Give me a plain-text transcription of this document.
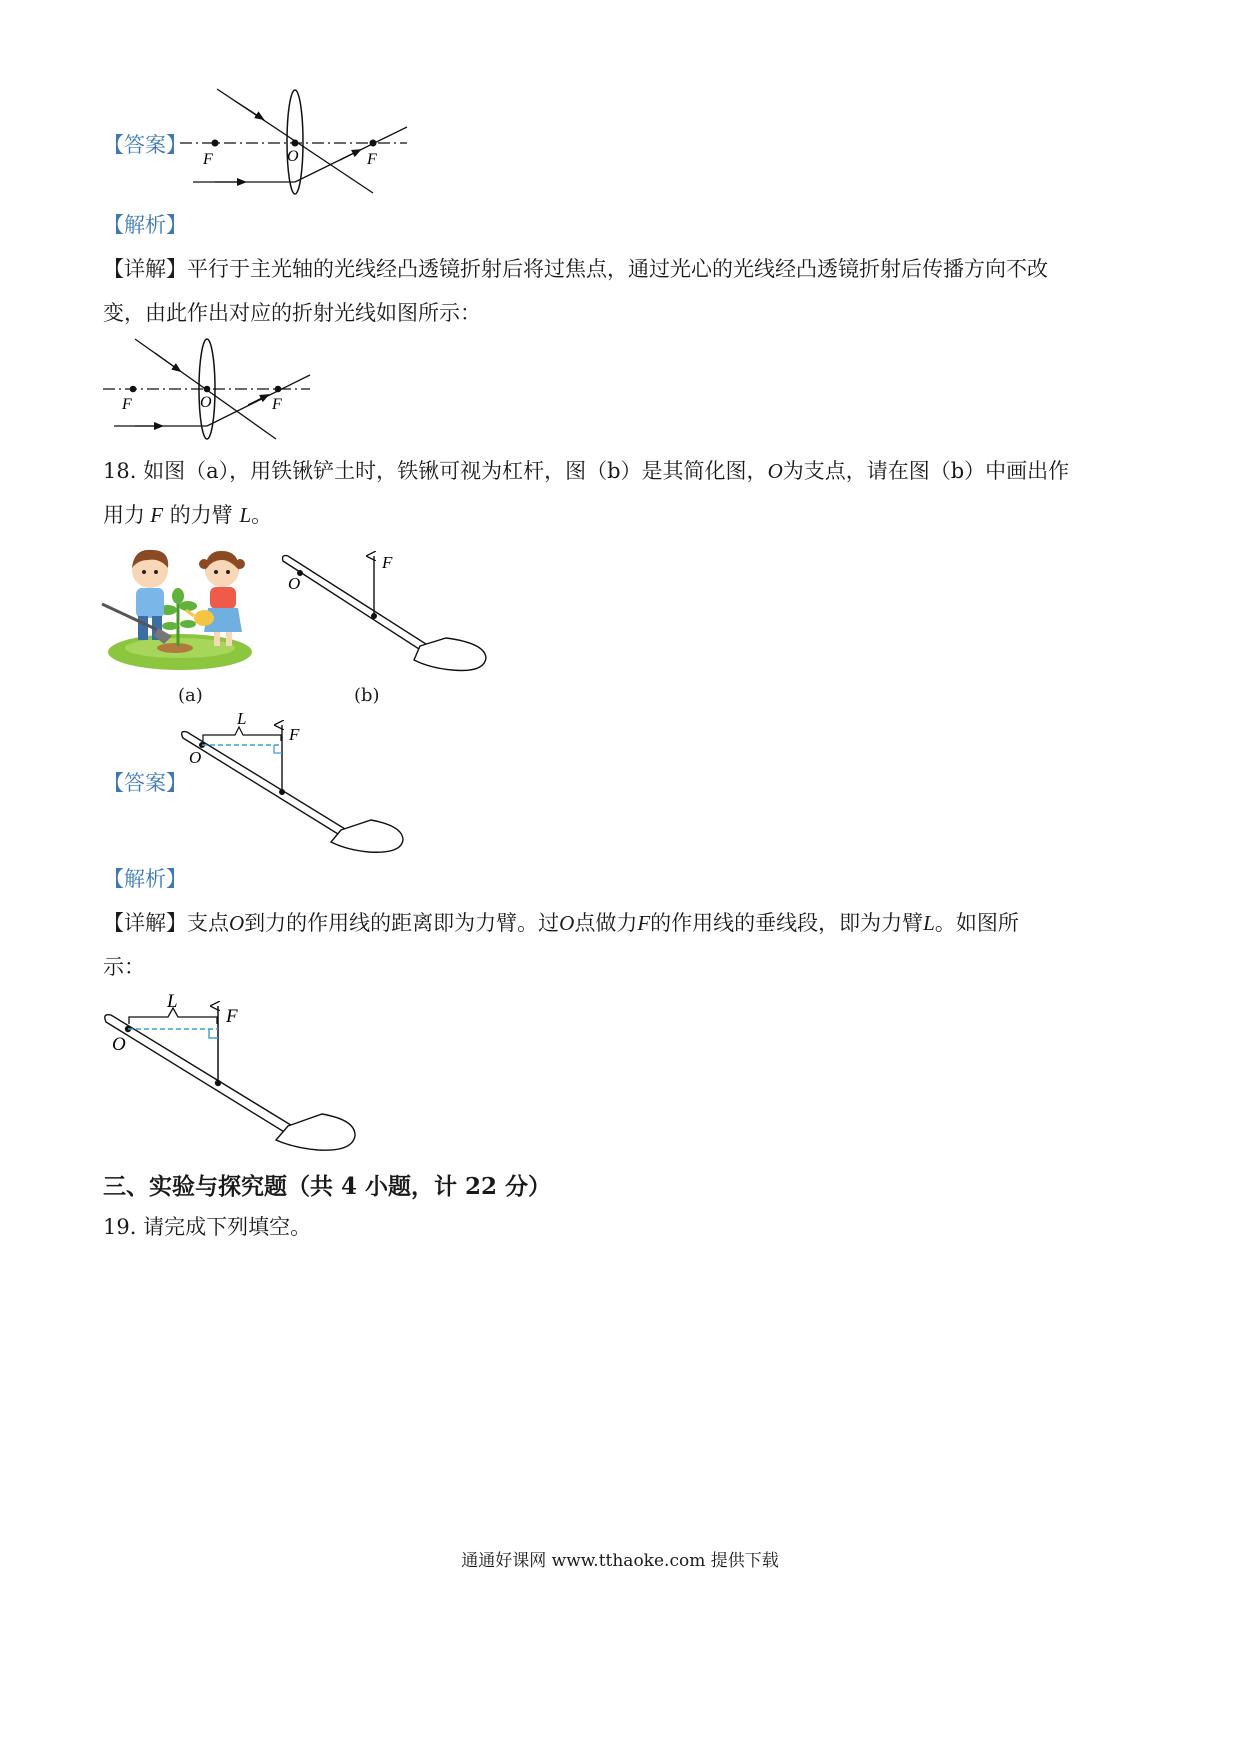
【答案】
F	O	F
【解析】
【详解】平行于主光轴的光线经凸透镜折射后将过焦点，通过光心的光线经凸透镜折射后传播方向不改
变，由此作出对应的折射光线如图所示：
F	O	F
18. 如图（a），用铁锹铲土时，铁锹可视为杠杆，图（b）是其简化图，O为支点，请在图（b）中画出作
用力 F 的力臂 L。
(a)
F
O
(b)
【答案】
L
F
O
【解析】
【详解】支点O到力的作用线的距离即为力臂。过O点做力F的作用线的垂线段，即为力臂L。如图所
示：
L
F
O
三、实验与探究题（共 4 小题，计 22 分）
19. 请完成下列填空。
通通好课网 www.tthaoke.com 提供下载
